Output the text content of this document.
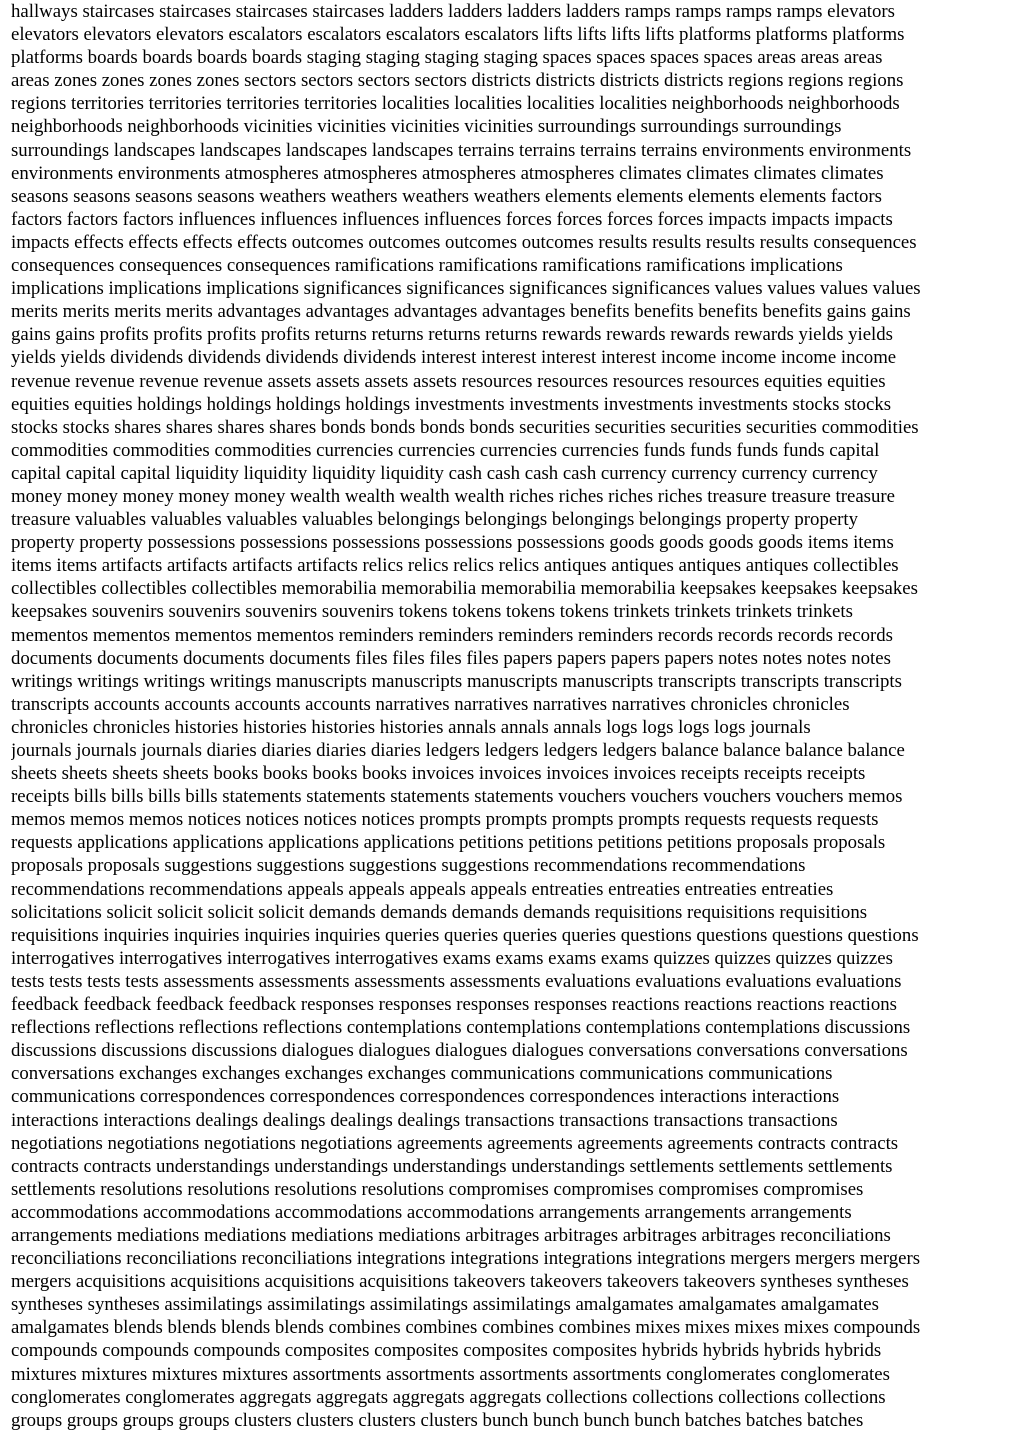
hallways staircases staircases staircases staircases ladders ladders ladders ladders ramps ramps ramps ramps elevators
elevators elevators elevators escalators escalators escalators escalators lifts lifts lifts lifts platforms platforms platforms
platforms boards boards boards boards staging staging staging staging spaces spaces spaces spaces areas areas areas
areas zones zones zones zones sectors sectors sectors sectors districts districts districts districts regions regions regions
regions territories territories territories territories localities localities localities localities neighborhoods neighborhoods
neighborhoods neighborhoods vicinities vicinities vicinities vicinities surroundings surroundings surroundings
surroundings landscapes landscapes landscapes landscapes terrains terrains terrains terrains environments environments
environments environments atmospheres atmospheres atmospheres atmospheres climates climates climates climates
seasons seasons seasons seasons weathers weathers weathers weathers elements elements elements elements factors
factors factors factors influences influences influences influences forces forces forces forces impacts impacts impacts
impacts effects effects effects effects outcomes outcomes outcomes outcomes results results results results consequences
consequences consequences consequences ramifications ramifications ramifications ramifications implications
implications implications implications significances significances significances significances values values values values
merits merits merits merits advantages advantages advantages advantages benefits benefits benefits benefits gains gains
gains gains profits profits profits profits returns returns returns returns rewards rewards rewards rewards yields yields
yields yields dividends dividends dividends dividends interest interest interest interest income income income income
revenue revenue revenue revenue assets assets assets assets resources resources resources resources equities equities
equities equities holdings holdings holdings holdings investments investments investments investments stocks stocks
stocks stocks shares shares shares shares bonds bonds bonds bonds securities securities securities securities commodities
commodities commodities commodities currencies currencies currencies currencies funds funds funds funds capital
capital capital capital liquidity liquidity liquidity liquidity cash cash cash cash currency currency currency currency
money money money money money wealth wealth wealth wealth riches riches riches riches treasure treasure treasure
treasure valuables valuables valuables valuables belongings belongings belongings belongings property property
property property possessions possessions possessions possessions possessions goods goods goods goods items items
items items artifacts artifacts artifacts artifacts relics relics relics relics antiques antiques antiques antiques collectibles
collectibles collectibles collectibles memorabilia memorabilia memorabilia memorabilia keepsakes keepsakes keepsakes
keepsakes souvenirs souvenirs souvenirs souvenirs tokens tokens tokens tokens trinkets trinkets trinkets trinkets
mementos mementos mementos mementos reminders reminders reminders reminders records records records records
documents documents documents documents files files files files papers papers papers papers notes notes notes notes
writings writings writings writings manuscripts manuscripts manuscripts manuscripts transcripts transcripts transcripts
transcripts accounts accounts accounts accounts narratives narratives narratives narratives chronicles chronicles
chronicles chronicles histories histories histories histories annals annals annals logs logs logs logs journals
journals journals journals diaries diaries diaries diaries ledgers ledgers ledgers ledgers balance balance balance balance
sheets sheets sheets sheets books books books books invoices invoices invoices invoices receipts receipts receipts
receipts bills bills bills bills statements statements statements statements vouchers vouchers vouchers vouchers memos
memos memos memos notices notices notices notices prompts prompts prompts prompts requests requests requests
requests applications applications applications applications petitions petitions petitions petitions proposals proposals
proposals proposals suggestions suggestions suggestions suggestions recommendations recommendations
recommendations recommendations appeals appeals appeals appeals entreaties entreaties entreaties entreaties
solicitations solicit solicit solicit solicit demands demands demands demands requisitions requisitions requisitions
requisitions inquiries inquiries inquiries inquiries queries queries queries queries questions questions questions questions
interrogatives interrogatives interrogatives interrogatives exams exams exams exams quizzes quizzes quizzes quizzes
tests tests tests tests assessments assessments assessments assessments evaluations evaluations evaluations evaluations
feedback feedback feedback feedback responses responses responses responses reactions reactions reactions reactions
reflections reflections reflections reflections contemplations contemplations contemplations contemplations discussions
discussions discussions discussions dialogues dialogues dialogues dialogues conversations conversations conversations
conversations exchanges exchanges exchanges exchanges communications communications communications
communications correspondences correspondences correspondences correspondences interactions interactions
interactions interactions dealings dealings dealings dealings transactions transactions transactions transactions
negotiations negotiations negotiations negotiations agreements agreements agreements agreements contracts contracts
contracts contracts understandings understandings understandings understandings settlements settlements settlements
settlements resolutions resolutions resolutions resolutions compromises compromises compromises compromises
accommodations accommodations accommodations accommodations arrangements arrangements arrangements
arrangements mediations mediations mediations mediations arbitrages arbitrages arbitrages arbitrages reconciliations
reconciliations reconciliations reconciliations integrations integrations integrations integrations mergers mergers mergers
mergers acquisitions acquisitions acquisitions acquisitions takeovers takeovers takeovers takeovers syntheses syntheses
syntheses syntheses assimilatings assimilatings assimilatings assimilatings amalgamates amalgamates amalgamates
amalgamates blends blends blends blends combines combines combines combines mixes mixes mixes mixes compounds
compounds compounds compounds composites composites composites composites hybrids hybrids hybrids hybrids
mixtures mixtures mixtures mixtures assortments assortments assortments assortments conglomerates conglomerates
conglomerates conglomerates aggregats aggregats aggregats aggregats collections collections collections collections
groups groups groups groups clusters clusters clusters clusters bunch bunch bunch bunch batches batches batches
